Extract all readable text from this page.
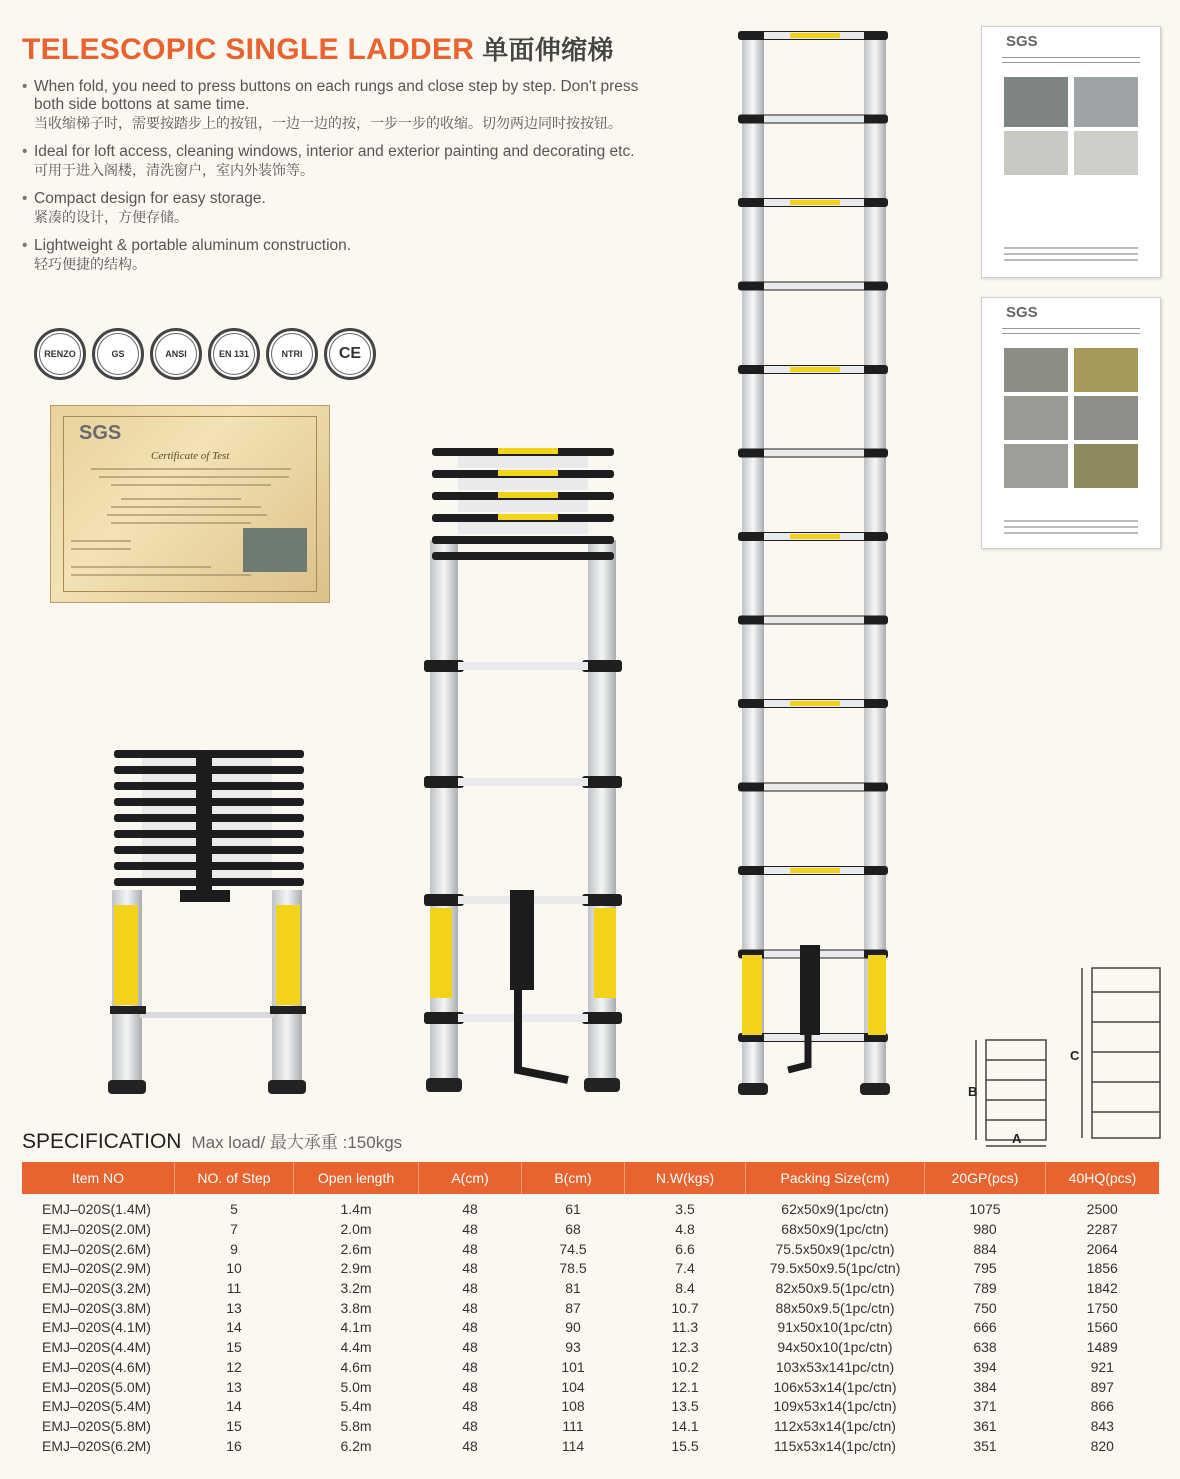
TELESCOPIC SINGLE LADDER 单面伸缩梯
• When fold, you need to press buttons on each rungs and close step by step. Don't press both side bottons at same time.
当收缩梯子时，需要按踏步上的按钮，一边一边的按，一步一步的收缩。切勿两边同时按按钮。
• Ideal for loft access, cleaning windows, interior and exterior painting and decorating etc.
可用于进入阁楼，清洗窗户，室内外装饰等。
• Compact design for easy storage.
紧凑的设计，方便存储。
• Lightweight & portable aluminum construction.
轻巧便捷的结构。
RENZO	GS	ANSI	EN 131	NTRI	CE
SGS
Certificate of Test
SGS
SGS
B
A
C
SPECIFICATION Max load/ 最大承重 :150kgs
Item NO	NO. of Step	Open length	A(cm)	B(cm)	N.W(kgs)	Packing Size(cm)	20GP(pcs)	40HQ(pcs)
EMJ–020S(1.4M)	5	1.4m	48	61	3.5	62x50x9(1pc/ctn)	1075	2500
EMJ–020S(2.0M)	7	2.0m	48	68	4.8	68x50x9(1pc/ctn)	980	2287
EMJ–020S(2.6M)	9	2.6m	48	74.5	6.6	75.5x50x9(1pc/ctn)	884	2064
EMJ–020S(2.9M)	10	2.9m	48	78.5	7.4	79.5x50x9.5(1pc/ctn)	795	1856
EMJ–020S(3.2M)	11	3.2m	48	81	8.4	82x50x9.5(1pc/ctn)	789	1842
EMJ–020S(3.8M)	13	3.8m	48	87	10.7	88x50x9.5(1pc/ctn)	750	1750
EMJ–020S(4.1M)	14	4.1m	48	90	11.3	91x50x10(1pc/ctn)	666	1560
EMJ–020S(4.4M)	15	4.4m	48	93	12.3	94x50x10(1pc/ctn)	638	1489
EMJ–020S(4.6M)	12	4.6m	48	101	10.2	103x53x141pc/ctn)	394	921
EMJ–020S(5.0M)	13	5.0m	48	104	12.1	106x53x14(1pc/ctn)	384	897
EMJ–020S(5.4M)	14	5.4m	48	108	13.5	109x53x14(1pc/ctn)	371	866
EMJ–020S(5.8M)	15	5.8m	48	111	14.1	112x53x14(1pc/ctn)	361	843
EMJ–020S(6.2M)	16	6.2m	48	114	15.5	115x53x14(1pc/ctn)	351	820
